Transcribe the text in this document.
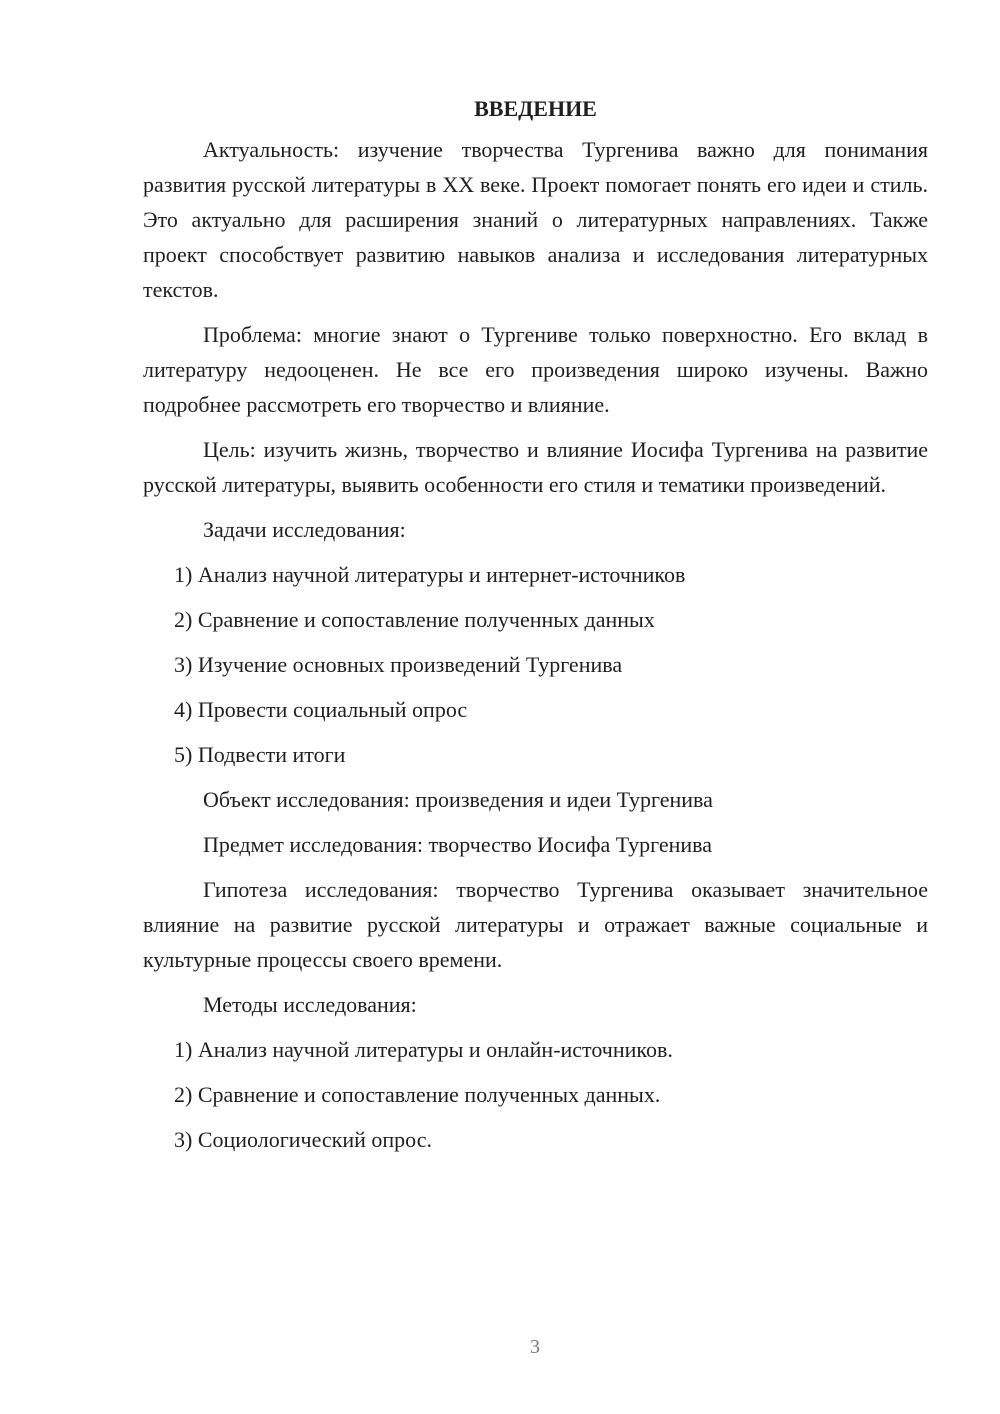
ВВЕДЕНИЕ
Актуальность: изучение творчества Тургенива важно для понимания развития русской литературы в XX веке. Проект помогает понять его идеи и стиль. Это актуально для расширения знаний о литературных направлениях. Также проект способствует развитию навыков анализа и исследования литературных текстов.
Проблема: многие знают о Тургениве только поверхностно. Его вклад в литературу недооценен. Не все его произведения широко изучены. Важно подробнее рассмотреть его творчество и влияние.
Цель: изучить жизнь, творчество и влияние Иосифа Тургенива на развитие русской литературы, выявить особенности его стиля и тематики произведений.
Задачи исследования:
1) Анализ научной литературы и интернет-источников
2) Сравнение и сопоставление полученных данных
3) Изучение основных произведений Тургенива
4) Провести социальный опрос
5) Подвести итоги
Объект исследования: произведения и идеи Тургенива
Предмет исследования: творчество Иосифа Тургенива
Гипотеза исследования: творчество Тургенива оказывает значительное влияние на развитие русской литературы и отражает важные социальные и культурные процессы своего времени.
Методы исследования:
1) Анализ научной литературы и онлайн-источников.
2) Сравнение и сопоставление полученных данных.
3) Социологический опрос.
3
